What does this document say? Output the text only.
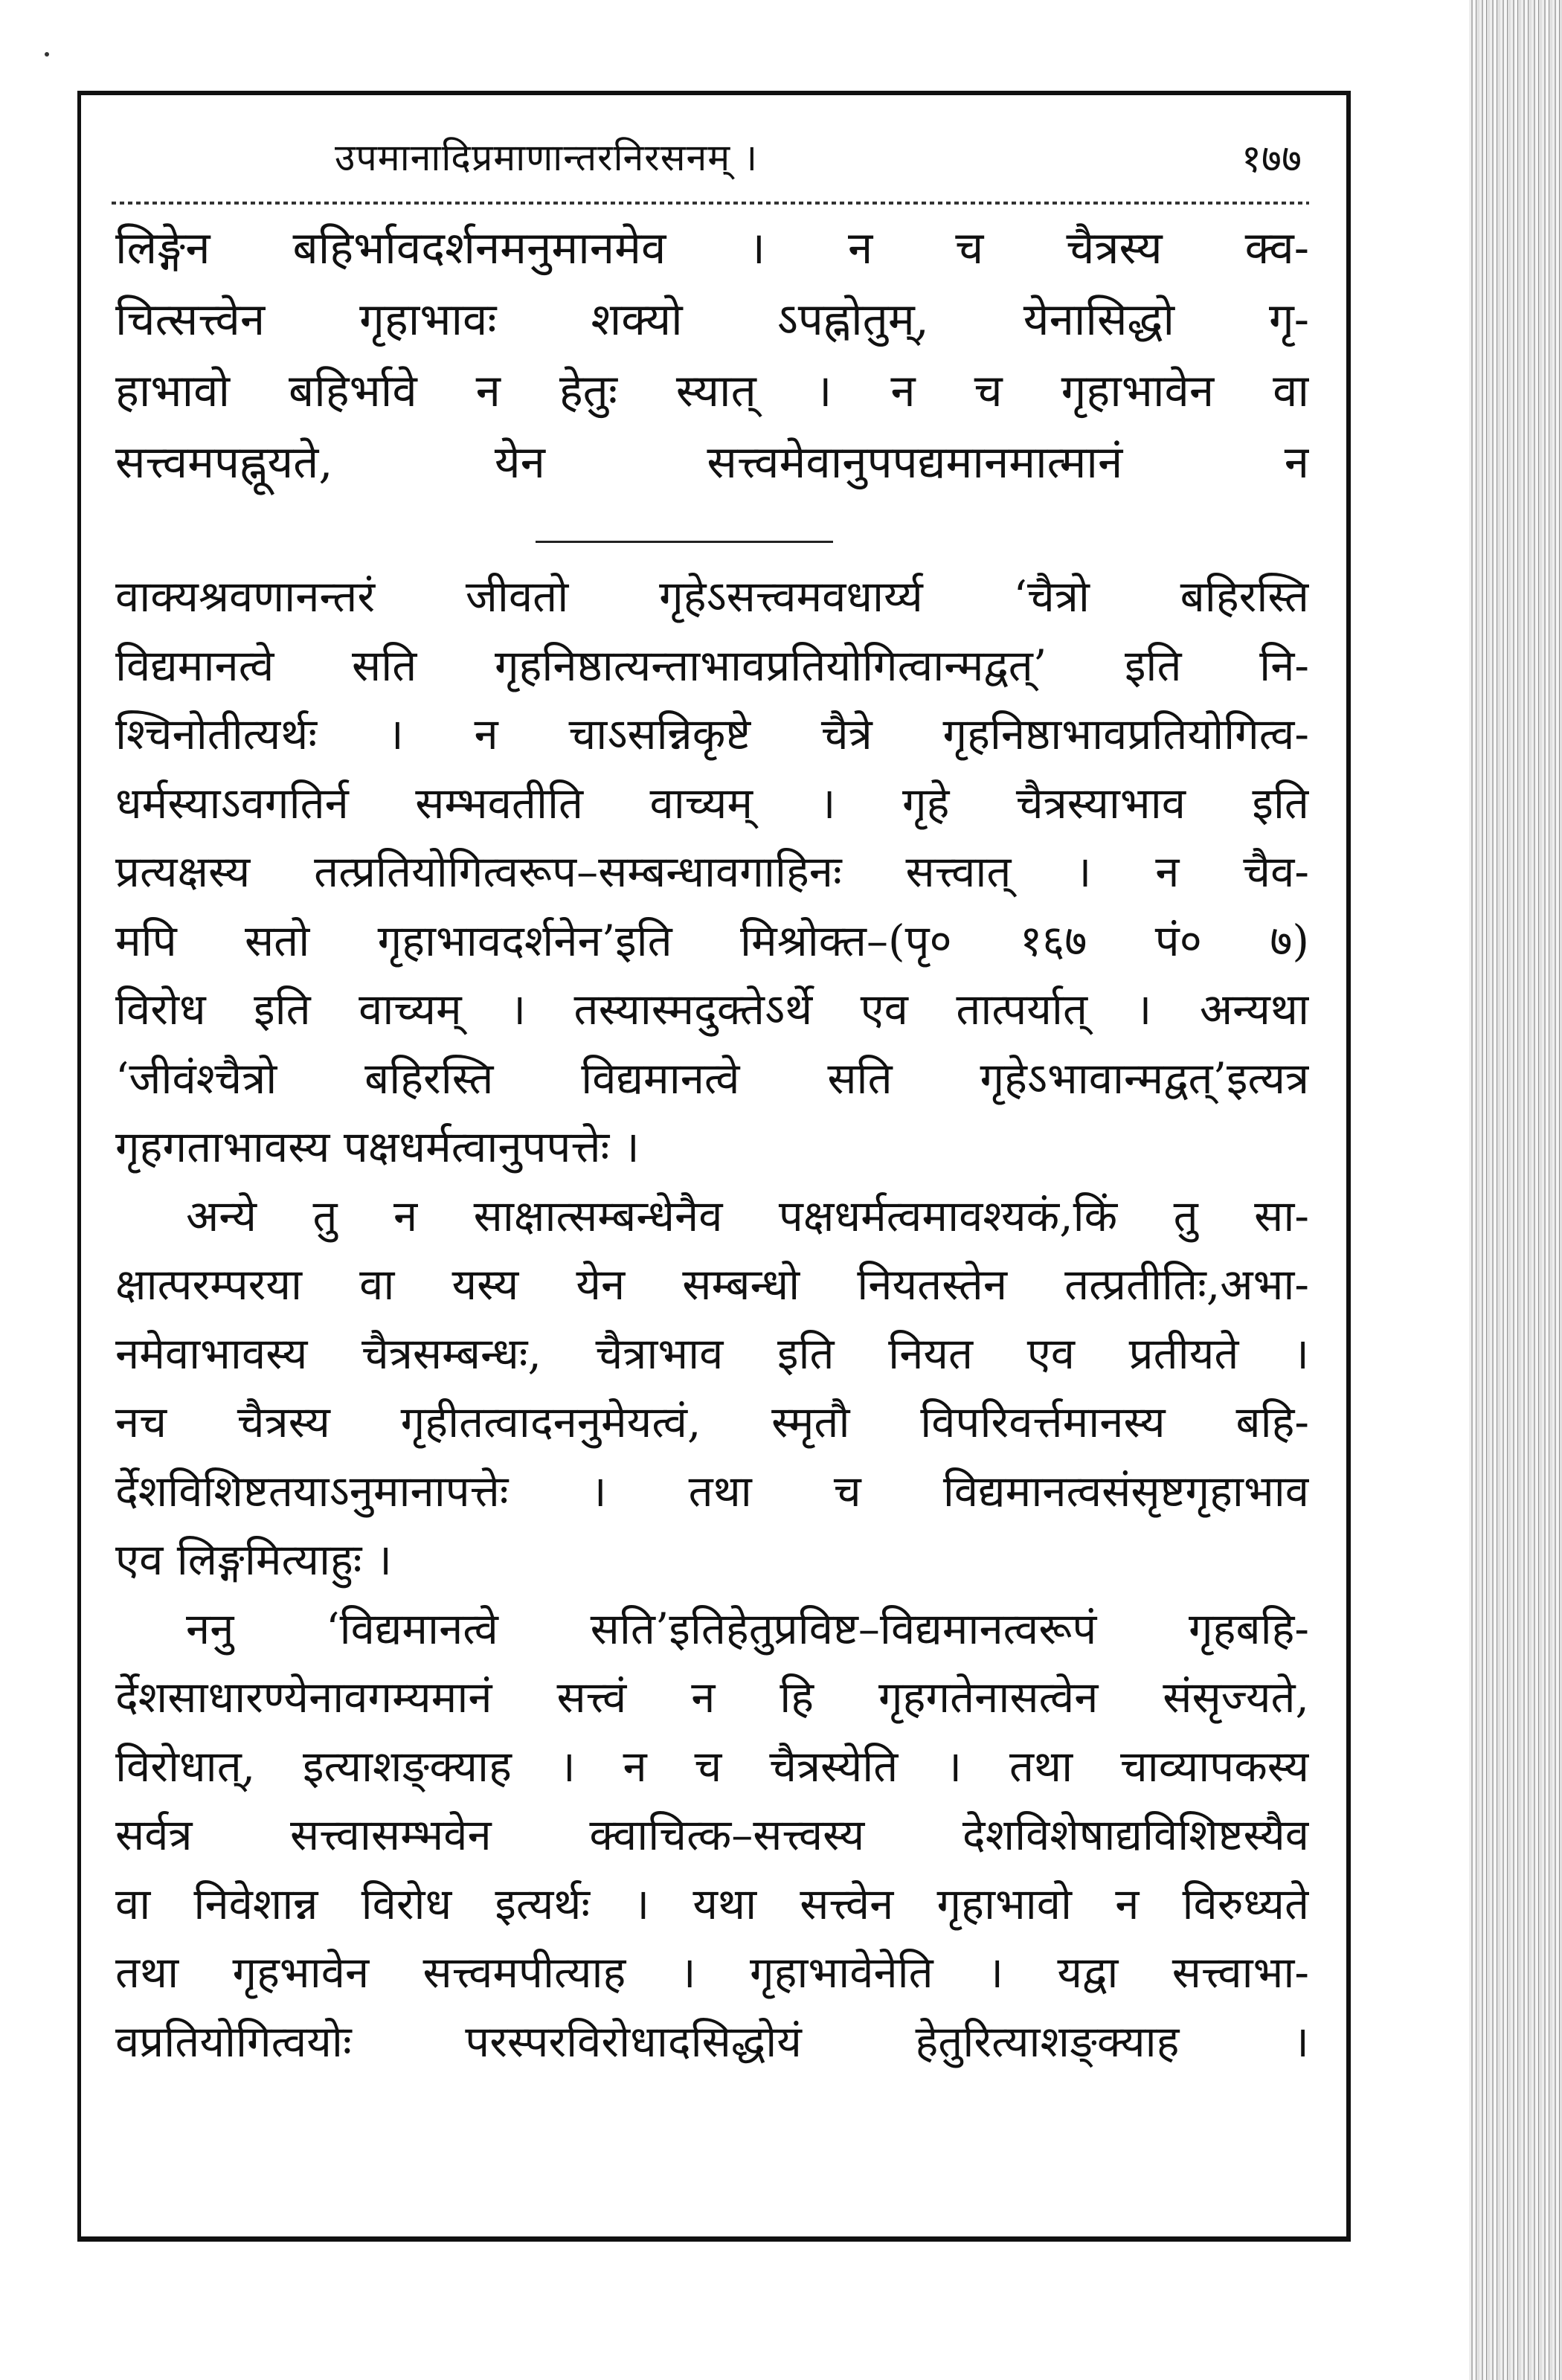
उपमानादिप्रमाणान्तरनिरसनम् ।	१७७
लिङ्गेन बहिर्भावदर्शनमनुमानमेव । न च चैत्रस्य क्व-
चित्सत्त्वेन गृहाभावः शक्यो ऽपह्नोतुम्, येनासिद्धो गृ-
हाभावो बहिर्भावे न हेतुः स्यात् । न च गृहाभावेन वा
सत्त्वमपह्नूयते, येन सत्त्वमेवानुपपद्यमानमात्मानं न
वाक्यश्रवणानन्तरं जीवतो गृहेऽसत्त्वमवधार्य्य ‘चैत्रो बहिरस्ति
विद्यमानत्वे सति गृहनिष्ठात्यन्ताभावप्रतियोगित्वान्मद्वत्’ इति नि-
श्चिनोतीत्यर्थः । न चाऽसन्निकृष्टे चैत्रे गृहनिष्ठाभावप्रतियोगित्व-
धर्मस्याऽवगतिर्न सम्भवतीति वाच्यम् । गृहे चैत्रस्याभाव इति
प्रत्यक्षस्य तत्प्रतियोगित्वरूप–सम्बन्धावगाहिनः सत्त्वात् । न चैव-
मपि सतो गृहाभावदर्शनेन’इति मिश्रोक्त–(पृ० १६७ पं० ७)
विरोध इति वाच्यम् । तस्यास्मदुक्तेऽर्थे एव तात्पर्यात् । अन्यथा
‘जीवंश्चैत्रो बहिरस्ति विद्यमानत्वे सति गृहेऽभावान्मद्वत्’इत्यत्र
गृहगताभावस्य पक्षधर्मत्वानुपपत्तेः ।
अन्ये तु न साक्षात्सम्बन्धेनैव पक्षधर्मत्वमावश्यकं,किं तु सा-
क्षात्परम्परया वा यस्य येन सम्बन्धो नियतस्तेन तत्प्रतीतिः,अभा-
नमेवाभावस्य चैत्रसम्बन्धः, चैत्राभाव इति नियत एव प्रतीयते ।
नच चैत्रस्य गृहीतत्वादननुमेयत्वं, स्मृतौ विपरिवर्त्तमानस्य बहि-
र्देशविशिष्टतयाऽनुमानापत्तेः । तथा च विद्यमानत्वसंसृष्टगृहाभाव
एव लिङ्गमित्याहुः ।
ननु ‘विद्यमानत्वे सति’इतिहेतुप्रविष्ट–विद्यमानत्वरूपं गृहबहि-
र्देशसाधारण्येनावगम्यमानं सत्त्वं न हि गृहगतेनासत्वेन संसृज्यते,
विरोधात्, इत्याशङ्क्याह । न च चैत्रस्येति । तथा चाव्यापकस्य
सर्वत्र सत्त्वासम्भवेन क्वाचित्क–सत्त्वस्य देशविशेषाद्यविशिष्टस्यैव
वा निवेशान्न विरोध इत्यर्थः । यथा सत्त्वेन गृहाभावो न विरुध्यते
तथा गृहभावेन सत्त्वमपीत्याह । गृहाभावेनेति । यद्वा सत्त्वाभा-
वप्रतियोगित्वयोः परस्परविरोधादसिद्धोयं हेतुरित्याशङ्क्याह ।
